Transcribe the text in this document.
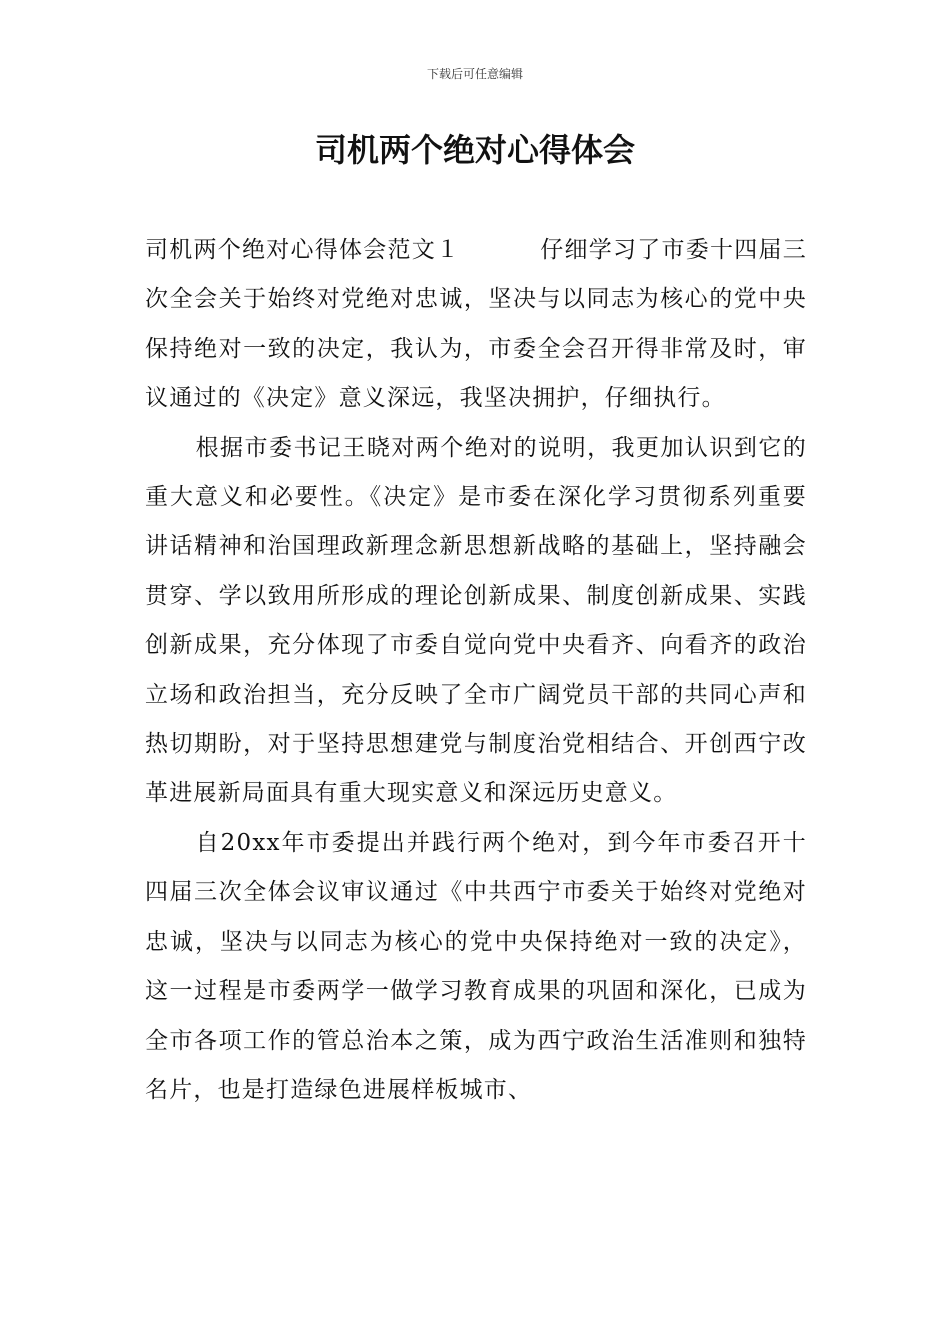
下载后可任意编辑
司机两个绝对心得体会

司机两个绝对心得体会范文１	仔细学习了市委十四届三次全会关于始终对党绝对忠诚，坚决与以同志为核心的党中央保持绝对一致的决定，我认为，市委全会召开得非常及时，审议通过的《决定》意义深远，我坚决拥护，仔细执行。

根据市委书记王晓对两个绝对的说明，我更加认识到它的重大意义和必要性。《决定》是市委在深化学习贯彻系列重要讲话精神和治国理政新理念新思想新战略的基础上，坚持融会贯穿、学以致用所形成的理论创新成果、制度创新成果、实践创新成果，充分体现了市委自觉向党中央看齐、向看齐的政治立场和政治担当，充分反映了全市广阔党员干部的共同心声和热切期盼，对于坚持思想建党与制度治党相结合、开创西宁改革进展新局面具有重大现实意义和深远历史意义。

自20xx年市委提出并践行两个绝对，到今年市委召开十四届三次全体会议审议通过《中共西宁市委关于始终对党绝对忠诚，坚决与以同志为核心的党中央保持绝对一致的决定》，这一过程是市委两学一做学习教育成果的巩固和深化，已成为全市各项工作的管总治本之策，成为西宁政治生活准则和独特名片，也是打造绿色进展样板城市、
